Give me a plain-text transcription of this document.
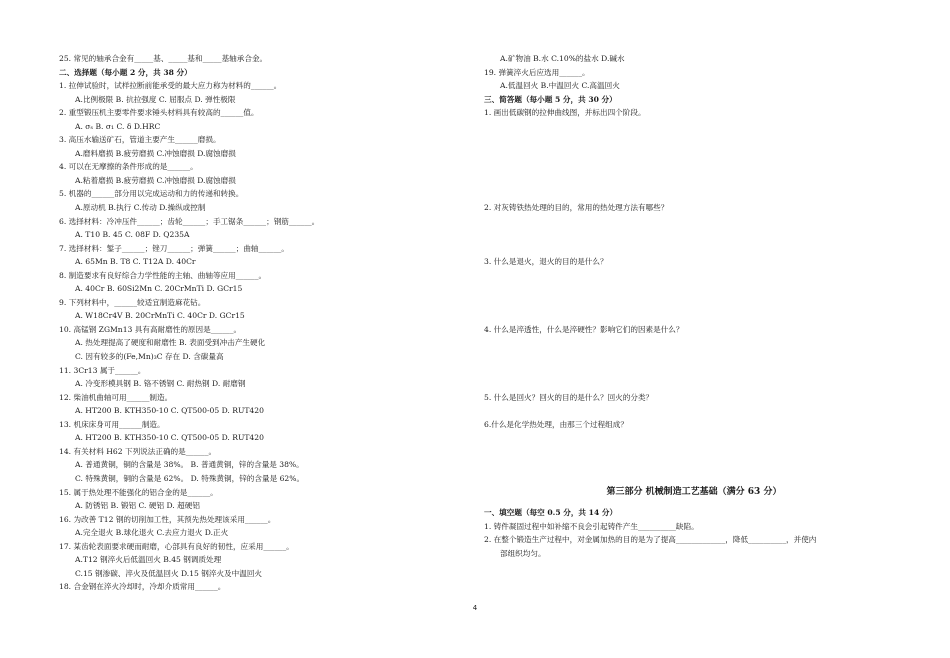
25. 常见的轴承合金有_____基、_____基和_____基轴承合金。
二、选择题（每小题 2 分，共 38 分）
1. 拉伸试验时，试样拉断前能承受的最大应力称为材料的______。
A.比例极限 B. 抗拉强度 C. 屈服点 D. 弹性极限
2. 重型锻压机主要零件要求锤头材料具有较高的______值。
A. σₛ B. σ₁ C. δ D.HRC
3. 高压水输送矿石，管道主要产生______磨损。
A.磨料磨损 B.疲劳磨损 C.冲蚀磨损 D.腐蚀磨损
4. 可以在无摩擦的条件形成的是______。
A.粘着磨损 B.疲劳磨损 C.冲蚀磨损 D.腐蚀磨损
5. 机器的______部分用以完成运动和力的传递和转换。
A.原动机 B.执行 C.传动 D.操纵或控制
6. 选择材料：冷冲压件______；齿轮______；手工锯条______；钢筋______。
A. T10 B. 45 C. 08F D. Q235A
7. 选择材料：錾子______；锉刀______；弹簧______；曲轴______。
A. 65Mn B. T8 C. T12A D. 40Cr
8. 制造要求有良好综合力学性能的主轴、曲轴等应用______。
A. 40Cr B. 60Si2Mn C. 20CrMnTi D. GCr15
9. 下列材料中，______较适宜制造麻花钻。
A. W18Cr4V B. 20CrMnTi C. 40Cr D. GCr15
10. 高锰钢 ZGMn13 具有高耐磨性的原因是______。
A. 热处理提高了硬度和耐磨性 B. 表面受到冲击产生硬化
C. 因有较多的(Fe,Mn)₃C 存在 D. 含碳量高
11. 3Cr13 属于______。
A. 冷变形模具钢 B. 铬不锈钢 C. 耐热钢 D. 耐磨钢
12. 柴油机曲轴可用______制造。
A. HT200 B. KTH350-10 C. QT500-05 D. RUT420
13. 机床床身可用______制造。
A. HT200 B. KTH350-10 C. QT500-05 D. RUT420
14. 有关材料 H62 下列说法正确的是______。
A. 普通黄铜，铜的含量是 38%。 B. 普通黄铜，锌的含量是 38%。
C. 特殊黄铜，铜的含量是 62%。 D. 特殊黄铜，锌的含量是 62%。
15. 属于热处理不能强化的铝合金的是______。
A. 防锈铝 B. 锻铝 C. 硬铝 D. 超硬铝
16. 为改善 T12 钢的切削加工性，其预先热处理该采用______。
A.完全退火 B.球化退火 C.去应力退火 D.正火
17. 某齿轮表面要求硬而耐磨，心部具有良好的韧性，应采用______。
A.T12 钢淬火后低温回火 B.45 钢调质处理
C.15 钢渗碳、淬火及低温回火 D.15 钢淬火及中温回火
18. 合金钢在淬火冷却时，冷却介质常用______。
A.矿物油 B.水 C.10%的盐水 D.碱水
19. 弹簧淬火后应选用______。
A.低温回火 B.中温回火 C.高温回火
三、简答题（每小题 5 分，共 30 分）
1. 画出低碳钢的拉伸曲线图，并标出四个阶段。
2. 对灰铸铁热处理的目的，常用的热处理方法有哪些？
3. 什么是退火，退火的目的是什么？
4. 什么是淬透性，什么是淬硬性？影响它们的因素是什么？
5. 什么是回火？回火的目的是什么？回火的分类？
6.什么是化学热处理，由那三个过程组成？
第三部分 机械制造工艺基础（满分 63 分）
一、填空题（每空 0.5 分，共 14 分）
1. 铸件凝固过程中如补缩不良会引起铸件产生__________缺陷。
2. 在整个锻造生产过程中，对金属加热的目的是为了提高_____________，降低__________，并使内
部组织均匀。
4
